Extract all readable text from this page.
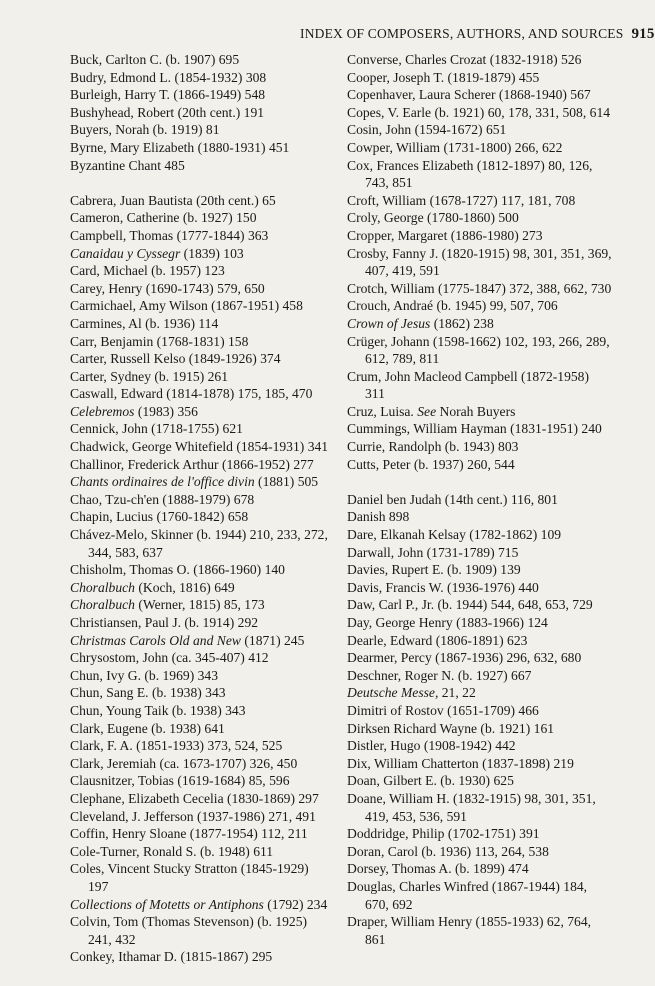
INDEX OF COMPOSERS, AUTHORS, AND SOURCES 915
Buck, Carlton C. (b. 1907) 695
Budry, Edmond L. (1854-1932) 308
Burleigh, Harry T. (1866-1949) 548
Bushyhead, Robert (20th cent.) 191
Buyers, Norah (b. 1919) 81
Byrne, Mary Elizabeth (1880-1931) 451
Byzantine Chant 485
Cabrera, Juan Bautista (20th cent.) 65
Cameron, Catherine (b. 1927) 150
Campbell, Thomas (1777-1844) 363
Canaidau y Cyssegr (1839) 103
Card, Michael (b. 1957) 123
Carey, Henry (1690-1743) 579, 650
Carmichael, Amy Wilson (1867-1951) 458
Carmines, Al (b. 1936) 114
Carr, Benjamin (1768-1831) 158
Carter, Russell Kelso (1849-1926) 374
Carter, Sydney (b. 1915) 261
Caswall, Edward (1814-1878) 175, 185, 470
Celebremos (1983) 356
Cennick, John (1718-1755) 621
Chadwick, George Whitefield (1854-1931) 341
Challinor, Frederick Arthur (1866-1952) 277
Chants ordinaires de l'office divin (1881) 505
Chao, Tzu-ch'en (1888-1979) 678
Chapin, Lucius (1760-1842) 658
Chávez-Melo, Skinner (b. 1944) 210, 233, 272, 344, 583, 637
Chisholm, Thomas O. (1866-1960) 140
Choralbuch (Koch, 1816) 649
Choralbuch (Werner, 1815) 85, 173
Christiansen, Paul J. (b. 1914) 292
Christmas Carols Old and New (1871) 245
Chrysostom, John (ca. 345-407) 412
Chun, Ivy G. (b. 1969) 343
Chun, Sang E. (b. 1938) 343
Chun, Young Taik (b. 1938) 343
Clark, Eugene (b. 1938) 641
Clark, F. A. (1851-1933) 373, 524, 525
Clark, Jeremiah (ca. 1673-1707) 326, 450
Clausnitzer, Tobias (1619-1684) 85, 596
Clephane, Elizabeth Cecelia (1830-1869) 297
Cleveland, J. Jefferson (1937-1986) 271, 491
Coffin, Henry Sloane (1877-1954) 112, 211
Cole-Turner, Ronald S. (b. 1948) 611
Coles, Vincent Stucky Stratton (1845-1929) 197
Collections of Motetts or Antiphons (1792) 234
Colvin, Tom (Thomas Stevenson) (b. 1925) 241, 432
Conkey, Ithamar D. (1815-1867) 295
Converse, Charles Crozat (1832-1918) 526
Cooper, Joseph T. (1819-1879) 455
Copenhaver, Laura Scherer (1868-1940) 567
Copes, V. Earle (b. 1921) 60, 178, 331, 508, 614
Cosin, John (1594-1672) 651
Cowper, William (1731-1800) 266, 622
Cox, Frances Elizabeth (1812-1897) 80, 126, 743, 851
Croft, William (1678-1727) 117, 181, 708
Croly, George (1780-1860) 500
Cropper, Margaret (1886-1980) 273
Crosby, Fanny J. (1820-1915) 98, 301, 351, 369, 407, 419, 591
Crotch, William (1775-1847) 372, 388, 662, 730
Crouch, Andraé (b. 1945) 99, 507, 706
Crown of Jesus (1862) 238
Crüger, Johann (1598-1662) 102, 193, 266, 289, 612, 789, 811
Crum, John Macleod Campbell (1872-1958) 311
Cruz, Luisa. See Norah Buyers
Cummings, William Hayman (1831-1951) 240
Currie, Randolph (b. 1943) 803
Cutts, Peter (b. 1937) 260, 544
Daniel ben Judah (14th cent.) 116, 801
Danish 898
Dare, Elkanah Kelsay (1782-1862) 109
Darwall, John (1731-1789) 715
Davies, Rupert E. (b. 1909) 139
Davis, Francis W. (1936-1976) 440
Daw, Carl P., Jr. (b. 1944) 544, 648, 653, 729
Day, George Henry (1883-1966) 124
Dearle, Edward (1806-1891) 623
Dearmer, Percy (1867-1936) 296, 632, 680
Deschner, Roger N. (b. 1927) 667
Deutsche Messe, 21, 22
Dimitri of Rostov (1651-1709) 466
Dirksen Richard Wayne (b. 1921) 161
Distler, Hugo (1908-1942) 442
Dix, William Chatterton (1837-1898) 219
Doan, Gilbert E. (b. 1930) 625
Doane, William H. (1832-1915) 98, 301, 351, 419, 453, 536, 591
Doddridge, Philip (1702-1751) 391
Doran, Carol (b. 1936) 113, 264, 538
Dorsey, Thomas A. (b. 1899) 474
Douglas, Charles Winfred (1867-1944) 184, 670, 692
Draper, William Henry (1855-1933) 62, 764, 861
